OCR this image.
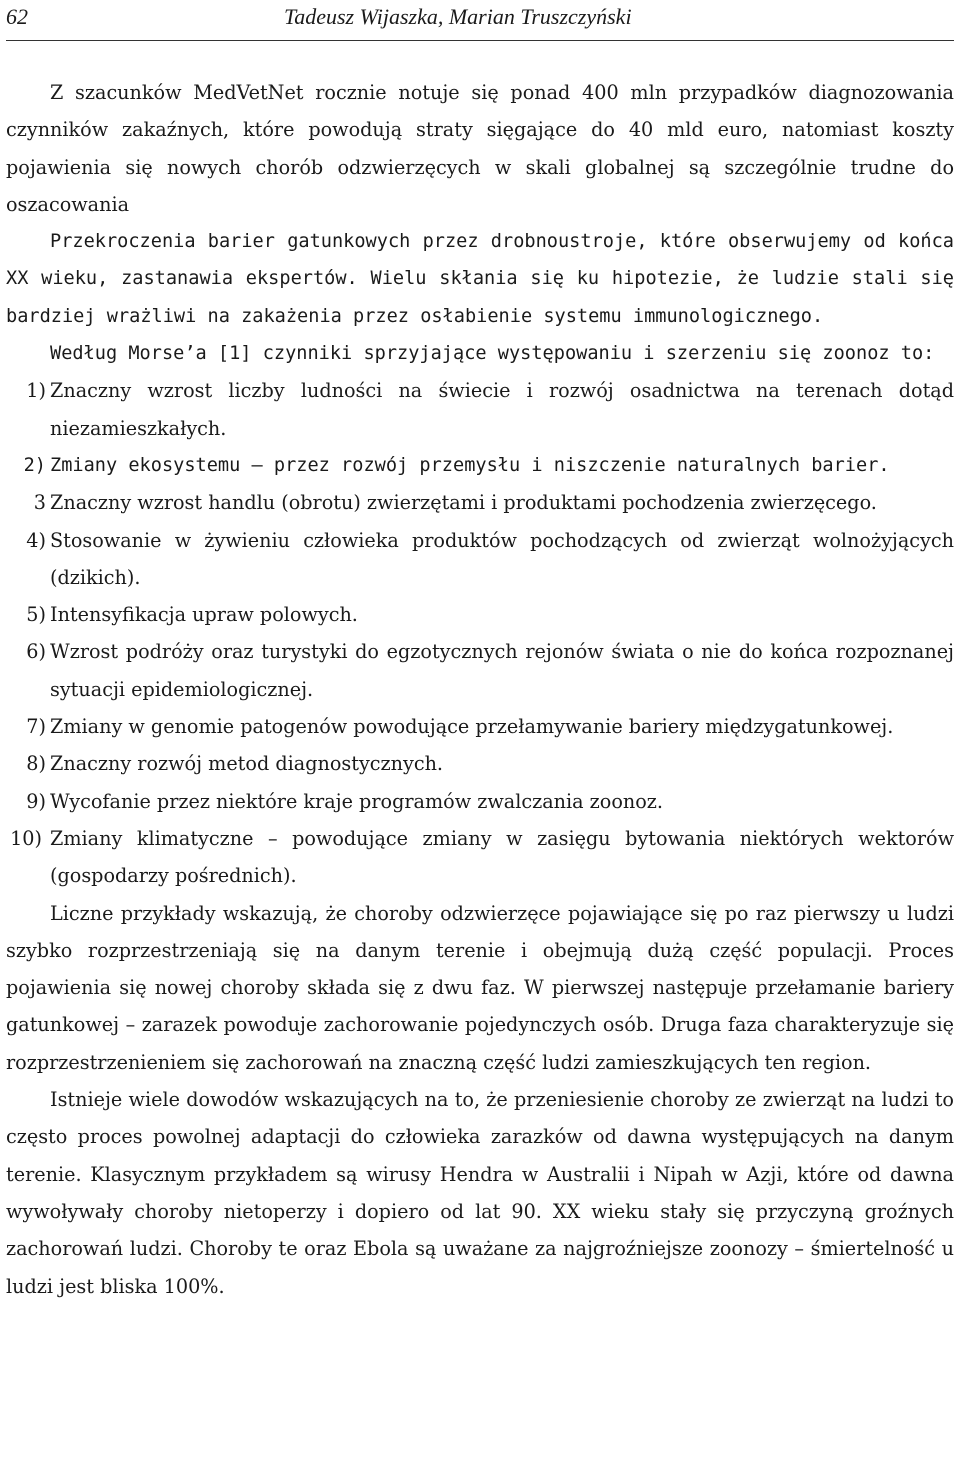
62	Tadeusz Wijaszka, Marian Truszczyński

Z szacunków MedVetNet rocznie notuje się ponad 400 mln przypadków diagnozowania czynników zakaźnych, które powodują straty sięgające do 40 mld euro, natomiast koszty pojawienia się nowych chorób odzwierzęcych w skali globalnej są szczególnie trudne do oszacowania

Przekroczenia barier gatunkowych przez drobnoustroje, które obserwujemy od końca XX wieku, zastanawia ekspertów. Wielu skłania się ku hipotezie, że ludzie stali się bardziej wrażliwi na zakażenia przez osłabienie systemu immunologicznego.

Według Morse’a [1] czynniki sprzyjające występowaniu i szerzeniu się zoonoz to:

1) Znaczny wzrost liczby ludności na świecie i rozwój osadnictwa na terenach dotąd niezamieszkałych.
2) Zmiany ekosystemu – przez rozwój przemysłu i niszczenie naturalnych barier.
3 Znaczny wzrost handlu (obrotu) zwierzętami i produktami pochodzenia zwierzęcego.
4) Stosowanie w żywieniu człowieka produktów pochodzących od zwierząt wolnożyjących (dzikich).
5) Intensyfikacja upraw polowych.
6) Wzrost podróży oraz turystyki do egzotycznych rejonów świata o nie do końca rozpoznanej sytuacji epidemiologicznej.
7) Zmiany w genomie patogenów powodujące przełamywanie bariery międzygatunkowej.
8) Znaczny rozwój metod diagnostycznych.
9) Wycofanie przez niektóre kraje programów zwalczania zoonoz.
10) Zmiany klimatyczne – powodujące zmiany w zasięgu bytowania niektórych wektorów (gospodarzy pośrednich).

Liczne przykłady wskazują, że choroby odzwierzęce pojawiające się po raz pierwszy u ludzi szybko rozprzestrzeniają się na danym terenie i obejmują dużą część populacji. Proces pojawienia się nowej choroby składa się z dwu faz. W pierwszej następuje przełamanie bariery gatunkowej – zarazek powoduje zachorowanie pojedynczych osób. Druga faza charakteryzuje się rozprzestrzenieniem się zachorowań na znaczną część ludzi zamieszkujących ten region.

Istnieje wiele dowodów wskazujących na to, że przeniesienie choroby ze zwierząt na ludzi to często proces powolnej adaptacji do człowieka zarazków od dawna występujących na danym terenie. Klasycznym przykładem są wirusy Hendra w Australii i Nipah w Azji, które od dawna wywoływały choroby nietoperzy i dopiero od lat 90. XX wieku stały się przyczyną groźnych zachorowań ludzi. Choroby te oraz Ebola są uważane za najgroźniejsze zoonozy – śmiertelność u ludzi jest bliska 100%.
